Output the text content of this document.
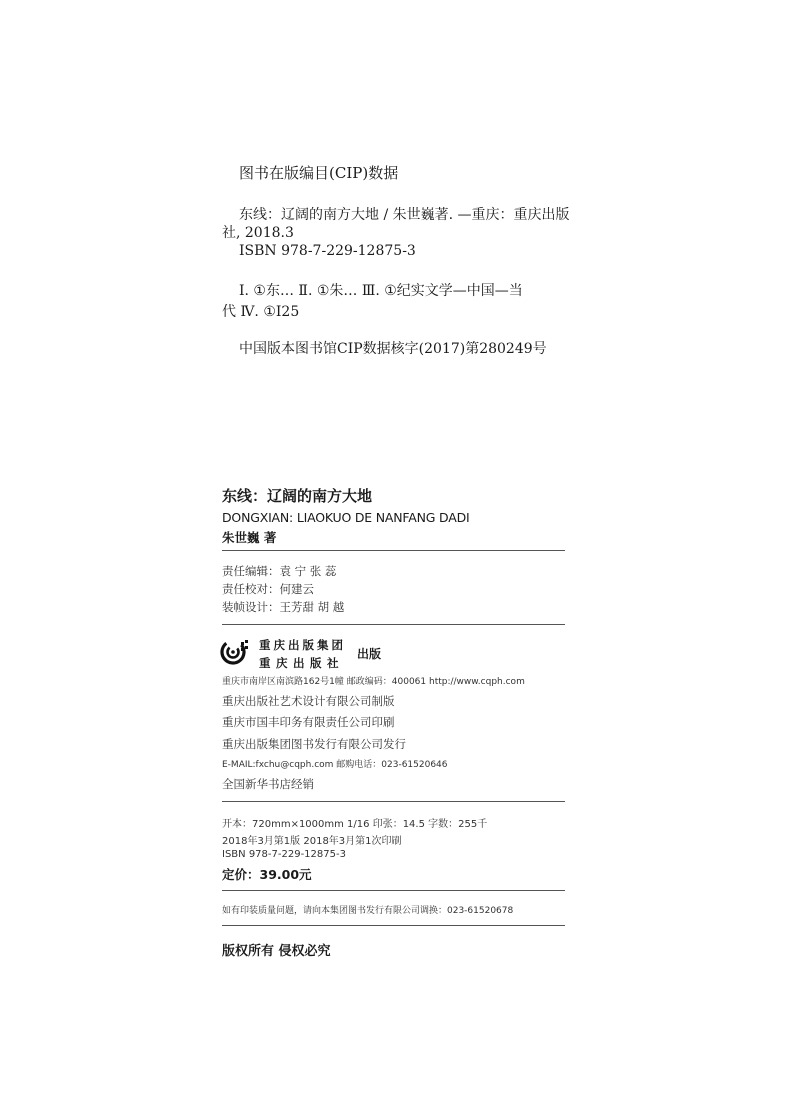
图书在版编目(CIP)数据
东线：辽阔的南方大地 / 朱世巍著. —重庆：重庆出版
社, 2018.3
ISBN 978-7-229-12875-3
Ⅰ. ①东… Ⅱ. ①朱… Ⅲ. ①纪实文学—中国—当
代 Ⅳ. ①I25
中国版本图书馆CIP数据核字(2017)第280249号
东线：辽阔的南方大地
DONGXIAN: LIAOKUO DE NANFANG DADI
朱世巍 著
责任编辑：袁 宁 张 蕊
责任校对：何建云
装帧设计：王芳甜 胡 越
重庆出版集团
重庆出版社
出版
重庆市南岸区南滨路162号1幢 邮政编码：400061 http://www.cqph.com
重庆出版社艺术设计有限公司制版
重庆市国丰印务有限责任公司印刷
重庆出版集团图书发行有限公司发行
E-MAIL:fxchu@cqph.com 邮购电话：023-61520646
全国新华书店经销
开本：720mm×1000mm 1/16 印张：14.5 字数：255千
2018年3月第1版 2018年3月第1次印刷
ISBN 978-7-229-12875-3
定价：39.00元
如有印装质量问题，请向本集团图书发行有限公司调换：023-61520678
版权所有 侵权必究
